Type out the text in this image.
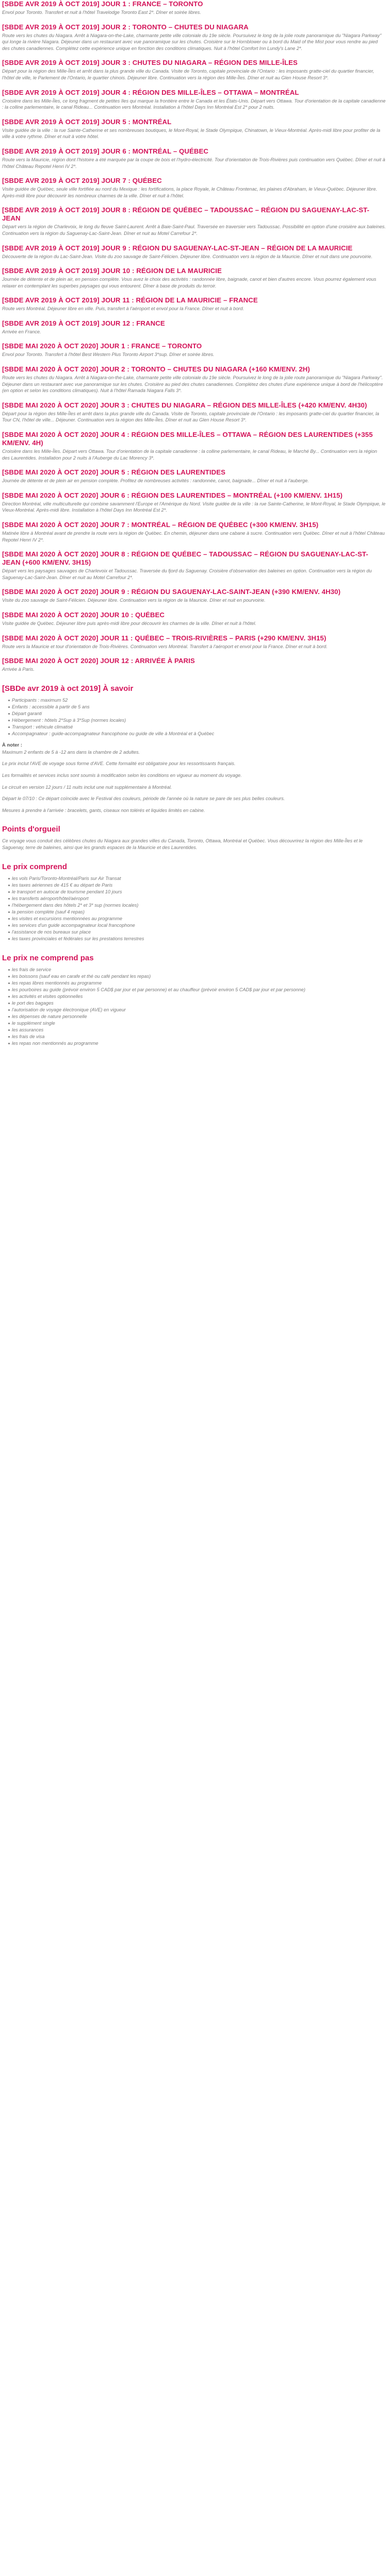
[SBDE AVR 2019 À OCT 2019] JOUR 1 : FRANCE – TORONTO

Envol pour Toronto. Transfert et nuit à l'hôtel Travelodge Toronto East 2*. Dîner et soirée libres.

[SBDE AVR 2019 À OCT 2019] JOUR 2 : TORONTO – CHUTES DU NIAGARA

Route vers les chutes du Niagara. Arrêt à Niagara-on-the-Lake, charmante petite ville coloniale du 19e siècle. Poursuivez le long de la jolie route panoramique du "Niagara Parkway" qui longe la rivière Niagara. Déjeuner dans un restaurant avec vue panoramique sur les chutes. Croisière sur le Hornblower ou à bord du Maid of the Mist pour vous rendre au pied des chutes canadiennes. Complétez cette expérience unique en fonction des conditions climatiques. Nuit à l'hôtel Comfort Inn Lundy's Lane 2*.

[SBDE AVR 2019 À OCT 2019] JOUR 3 : CHUTES DU NIAGARA – RÉGION DES MILLE-ÎLES

Départ pour la région des Mille-Îles et arrêt dans la plus grande ville du Canada. Visite de Toronto, capitale provinciale de l'Ontario : les imposants gratte-ciel du quartier financier, l'hôtel de ville, le Parlement de l'Ontario, le quartier chinois. Déjeuner libre. Continuation vers la région des Mille-Îles. Dîner et nuit au Glen House Resort 3*.

[SBDE AVR 2019 À OCT 2019] JOUR 4 : RÉGION DES MILLE-ÎLES – OTTAWA – MONTRÉAL

Croisière dans les Mille-Îles, ce long fragment de petites îles qui marque la frontière entre le Canada et les États-Unis. Départ vers Ottawa. Tour d'orientation de la capitale canadienne : la colline parlementaire, le canal Rideau... Continuation vers Montréal. Installation à l'hôtel Days Inn Montréal Est 2* pour 2 nuits.

[SBDE AVR 2019 À OCT 2019] JOUR 5 : MONTRÉAL

Visite guidée de la ville : la rue Sainte-Catherine et ses nombreuses boutiques, le Mont-Royal, le Stade Olympique, Chinatown, le Vieux-Montréal. Après-midi libre pour profiter de la ville à votre rythme. Dîner et nuit à votre hôtel.

[SBDE AVR 2019 À OCT 2019] JOUR 6 : MONTRÉAL – QUÉBEC

Route vers la Mauricie, région dont l'histoire a été marquée par la coupe de bois et l'hydro-électricité. Tour d'orientation de Trois-Rivières puis continuation vers Québec. Dîner et nuit à l'hôtel Château Repotel Henri IV 2*.

[SBDE AVR 2019 À OCT 2019] JOUR 7 : QUÉBEC

Visite guidée de Québec, seule ville fortifiée au nord du Mexique : les fortifications, la place Royale, le Château Frontenac, les plaines d'Abraham, le Vieux-Québec. Déjeuner libre. Après-midi libre pour découvrir les nombreux charmes de la ville. Dîner et nuit à l'hôtel.

[SBDE AVR 2019 À OCT 2019] JOUR 8 : RÉGION DE QUÉBEC – TADOUSSAC – RÉGION DU SAGUENAY-LAC-ST-JEAN

Départ vers la région de Charlevoix, le long du fleuve Saint-Laurent. Arrêt à Baie-Saint-Paul. Traversée en traversier vers Tadoussac. Possibilité en option d'une croisière aux baleines. Continuation vers la région du Saguenay-Lac-Saint-Jean. Dîner et nuit au Motel Carrefour 2*.

[SBDE AVR 2019 À OCT 2019] JOUR 9 : RÉGION DU SAGUENAY-LAC-ST-JEAN – RÉGION DE LA MAURICIE

Découverte de la région du Lac-Saint-Jean. Visite du zoo sauvage de Saint-Félicien. Déjeuner libre. Continuation vers la région de la Mauricie. Dîner et nuit dans une pourvoirie.

[SBDE AVR 2019 À OCT 2019] JOUR 10 : RÉGION DE LA MAURICIE

Journée de détente et de plein air, en pension complète. Vous avez le choix des activités : randonnée libre, baignade, canot et bien d'autres encore. Vous pourrez également vous relaxer en contemplant les superbes paysages qui vous entourent. Dîner à base de produits du terroir.

[SBDE AVR 2019 À OCT 2019] JOUR 11 : RÉGION DE LA MAURICIE – FRANCE

Route vers Montréal. Déjeuner libre en ville. Puis, transfert à l'aéroport et envol pour la France. Dîner et nuit à bord.

[SBDE AVR 2019 À OCT 2019] JOUR 12 : FRANCE

Arrivée en France.

[SBDE MAI 2020 À OCT 2020] JOUR 1 : FRANCE – TORONTO

Envol pour Toronto. Transfert à l'hôtel Best Western Plus Toronto Airport 3*sup. Dîner et soirée libres.

[SBDE MAI 2020 À OCT 2020] JOUR 2 : TORONTO – CHUTES DU NIAGARA (+160 KM/ENV. 2H)

Route vers les chutes du Niagara. Arrêt à Niagara-on-the-Lake, charmante petite ville coloniale du 19e siècle. Poursuivez le long de la jolie route panoramique du "Niagara Parkway". Déjeuner dans un restaurant avec vue panoramique sur les chutes. Croisière au pied des chutes canadiennes. Complétez des chutes d'une expérience unique à bord de l'hélicoptère (en option et selon les conditions climatiques). Nuit à l'hôtel Ramada Niagara Falls 3*.

[SBDE MAI 2020 À OCT 2020] JOUR 3 : CHUTES DU NIAGARA – RÉGION DES MILLE-ÎLES (+420 KM/ENV. 4H30)

Départ pour la région des Mille-Îles et arrêt dans la plus grande ville du Canada. Visite de Toronto, capitale provinciale de l'Ontario : les imposants gratte-ciel du quartier financier, la Tour CN, l'hôtel de ville... Déjeuner. Continuation vers la région des Mille-Îles. Dîner et nuit au Glen House Resort 3*.

[SBDE MAI 2020 À OCT 2020] JOUR 4 : RÉGION DES MILLE-ÎLES – OTTAWA – RÉGION DES LAURENTIDES (+355 KM/ENV. 4H)

Croisière dans les Mille-Îles. Départ vers Ottawa. Tour d'orientation de la capitale canadienne : la colline parlementaire, le canal Rideau, le Marché By... Continuation vers la région des Laurentides. Installation pour 2 nuits à l'Auberge du Lac Morency 3*.

[SBDE MAI 2020 À OCT 2020] JOUR 5 : RÉGION DES LAURENTIDES

Journée de détente et de plein air en pension complète. Profitez de nombreuses activités : randonnée, canot, baignade... Dîner et nuit à l'auberge.

[SBDE MAI 2020 À OCT 2020] JOUR 6 : RÉGION DES LAURENTIDES – MONTRÉAL (+100 KM/ENV. 1H15)

Direction Montréal, ville multiculturelle qui combine savamment l'Europe et l'Amérique du Nord. Visite guidée de la ville : la rue Sainte-Catherine, le Mont-Royal, le Stade Olympique, le Vieux-Montréal. Après-midi libre. Installation à l'hôtel Days Inn Montréal Est 2*.

[SBDE MAI 2020 À OCT 2020] JOUR 7 : MONTRÉAL – RÉGION DE QUÉBEC (+300 KM/ENV. 3H15)

Matinée libre à Montréal avant de prendre la route vers la région de Québec. En chemin, déjeuner dans une cabane à sucre. Continuation vers Québec. Dîner et nuit à l'hôtel Château Repotel Henri IV 2*.

[SBDE MAI 2020 À OCT 2020] JOUR 8 : RÉGION DE QUÉBEC – TADOUSSAC – RÉGION DU SAGUENAY-LAC-ST-JEAN (+600 KM/ENV. 3H15)

Départ vers les paysages sauvages de Charlevoix et Tadoussac. Traversée du fjord du Saguenay. Croisière d'observation des baleines en option. Continuation vers la région du Saguenay-Lac-Saint-Jean. Dîner et nuit au Motel Carrefour 2*.

[SBDE MAI 2020 À OCT 2020] JOUR 9 : RÉGION DU SAGUENAY-LAC-SAINT-JEAN (+390 KM/ENV. 4H30)

Visite du zoo sauvage de Saint-Félicien. Déjeuner libre. Continuation vers la région de la Mauricie. Dîner et nuit en pourvoirie.

[SBDE MAI 2020 À OCT 2020] JOUR 10 : QUÉBEC

Visite guidée de Québec. Déjeuner libre puis après-midi libre pour découvrir les charmes de la ville. Dîner et nuit à l'hôtel.

[SBDE MAI 2020 À OCT 2020] JOUR 11 : QUÉBEC – TROIS-RIVIÈRES – PARIS (+290 KM/ENV. 3H15)

Route vers la Mauricie et tour d'orientation de Trois-Rivières. Continuation vers Montréal. Transfert à l'aéroport et envol pour la France. Dîner et nuit à bord.

[SBDE MAI 2020 À OCT 2020] JOUR 12 : ARRIVÉE À PARIS

Arrivée à Paris.

[SBDe avr 2019 à oct 2019] À savoir
Participants : maximum 52
Enfants : accessible à partir de 5 ans
Départ garanti
Hébergement : hôtels 2*Sup à 3*Sup (normes locales)
Transport : véhicule climatisé
Accompagnateur : guide-accompagnateur francophone ou guide de ville à Montréal et à Québec
À noter :

Maximum 2 enfants de 5 à -12 ans dans la chambre de 2 adultes.

Le prix inclut l'AVE de voyage sous forme d'AVE. Cette formalité est obligatoire pour les ressortissants français.

Les formalités et services inclus sont soumis à modification selon les conditions en vigueur au moment du voyage.

Le circuit en version 12 jours / 11 nuits inclut une nuit supplémentaire à Montréal.

Départ le 07/10 : Ce départ coïncide avec le Festival des couleurs, période de l'année où la nature se pare de ses plus belles couleurs.

Mesures à prendre à l'arrivée : bracelets, gants, ciseaux non tolérés et liquides limités en cabine.

Points d'orgueil

Ce voyage vous conduit des célèbres chutes du Niagara aux grandes villes du Canada, Toronto, Ottawa, Montréal et Québec. Vous découvrirez la région des Mille-Îles et le Saguenay, terre de baleines, ainsi que les grands espaces de la Mauricie et des Laurentides.

Le prix comprend
les vols Paris/Toronto-Montréal/Paris sur Air Transat
les taxes aériennes de 415 € au départ de Paris
le transport en autocar de tourisme pendant 10 jours
les transferts aéroport/hôtel/aéroport
l'hébergement dans des hôtels 2* et 3* sup (normes locales)
la pension complète (sauf 4 repas)
les visites et excursions mentionnées au programme
les services d'un guide accompagnateur local francophone
l'assistance de nos bureaux sur place
les taxes provinciales et fédérales sur les prestations terrestres
Le prix ne comprend pas
les frais de service
les boissons (sauf eau en carafe et thé ou café pendant les repas)
les repas libres mentionnés au programme
les pourboires au guide (prévoir environ 5 CAD$ par jour et par personne) et au chauffeur (prévoir environ 5 CAD$ par jour et par personne)
les activités et visites optionnelles
le port des bagages
l'autorisation de voyage électronique (AVE) en vigueur
les dépenses de nature personnelle
le supplément single
les assurances
les frais de visa
les repas non mentionnés au programme
